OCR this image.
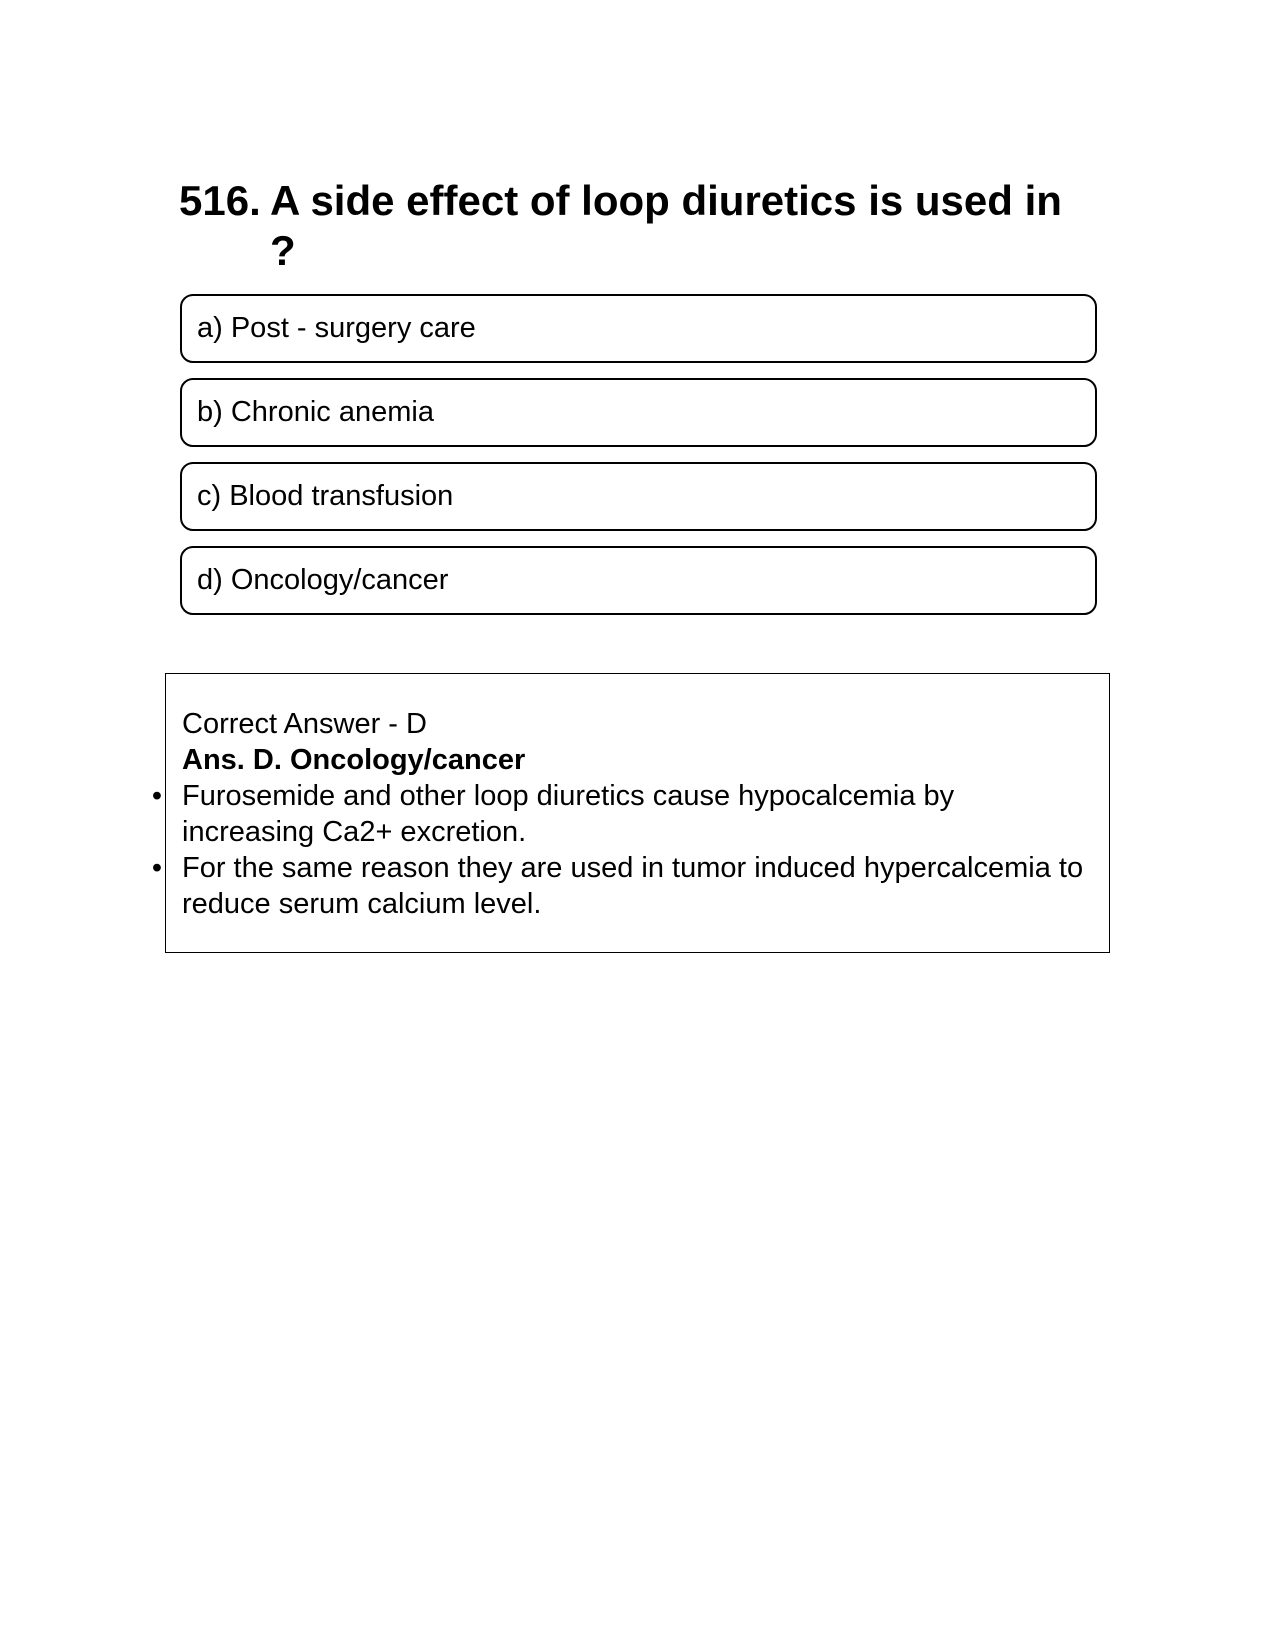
516. A side effect of loop diuretics is used in ?
a) Post - surgery care
b) Chronic anemia
c) Blood transfusion
d) Oncology/cancer
Correct Answer - D
Ans. D. Oncology/cancer
• Furosemide and other loop diuretics cause hypocalcemia by increasing Ca2+ excretion.
• For the same reason they are used in tumor induced hypercalcemia to reduce serum calcium level.
